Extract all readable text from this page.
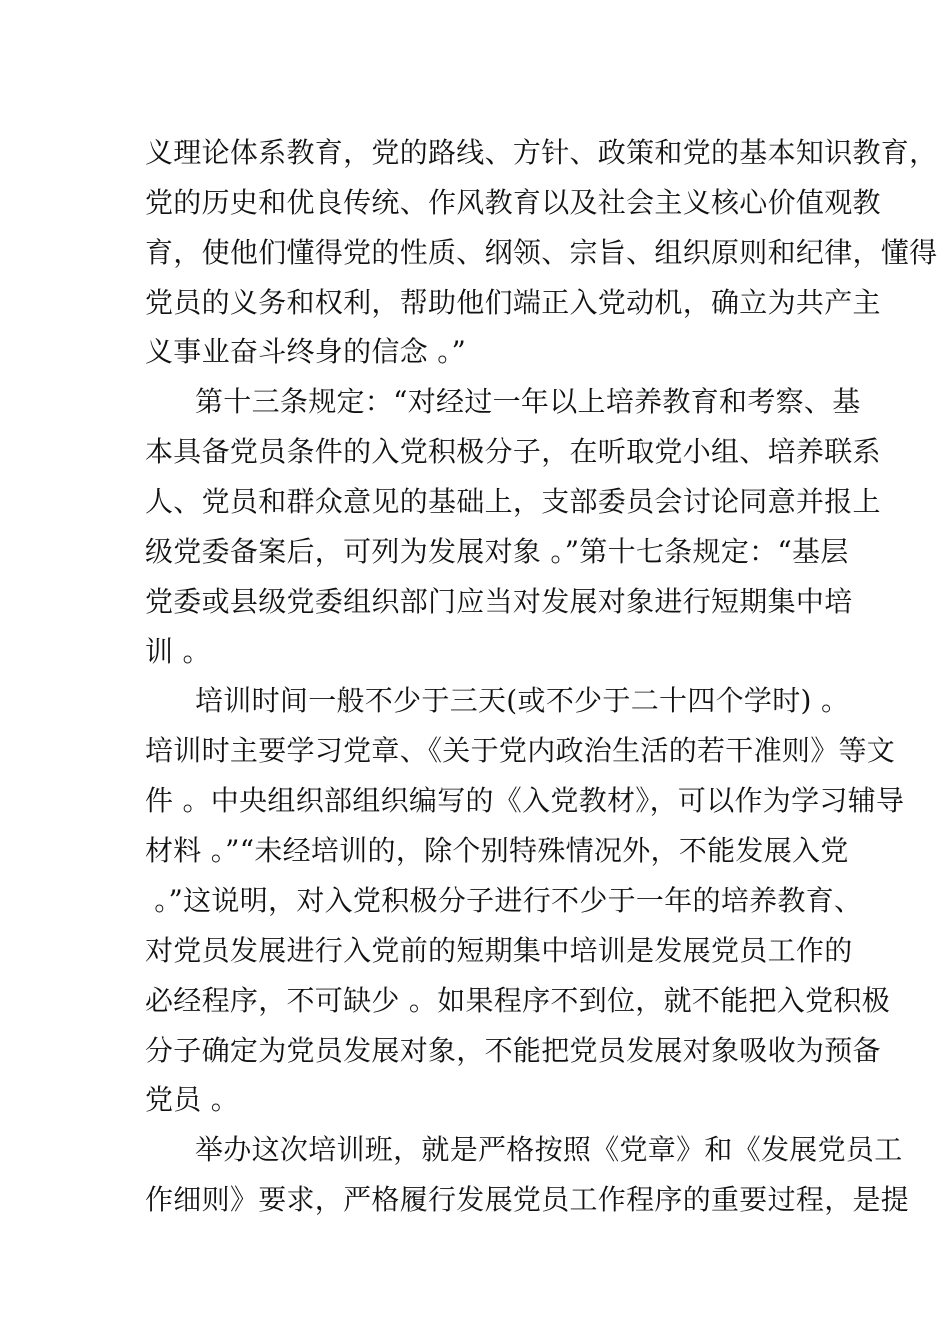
义理论体系教育，党的路线、方针、政策和党的基本知识教育，
党的历史和优良传统、作风教育以及社会主义核心价值观教
育，使他们懂得党的性质、纲领、宗旨、组织原则和纪律，懂得
党员的义务和权利，帮助他们端正入党动机，确立为共产主
义事业奋斗终身的信念 。”
第十三条规定：“对经过一年以上培养教育和考察、基
本具备党员条件的入党积极分子，在听取党小组、培养联系
人、党员和群众意见的基础上，支部委员会讨论同意并报上
级党委备案后，可列为发展对象 。”第十七条规定：“基层
党委或县级党委组织部门应当对发展对象进行短期集中培
训 。
培训时间一般不少于三天(或不少于二十四个学时) 。
培训时主要学习党章、《关于党内政治生活的若干准则》等文
件 。中央组织部组织编写的《入党教材》，可以作为学习辅导
材料 。”“未经培训的，除个别特殊情况外，不能发展入党
。”这说明，对入党积极分子进行不少于一年的培养教育、
对党员发展进行入党前的短期集中培训是发展党员工作的
必经程序，不可缺少 。如果程序不到位，就不能把入党积极
分子确定为党员发展对象，不能把党员发展对象吸收为预备
党员 。
举办这次培训班，就是严格按照《党章》和《发展党员工
作细则》要求，严格履行发展党员工作程序的重要过程，是提
